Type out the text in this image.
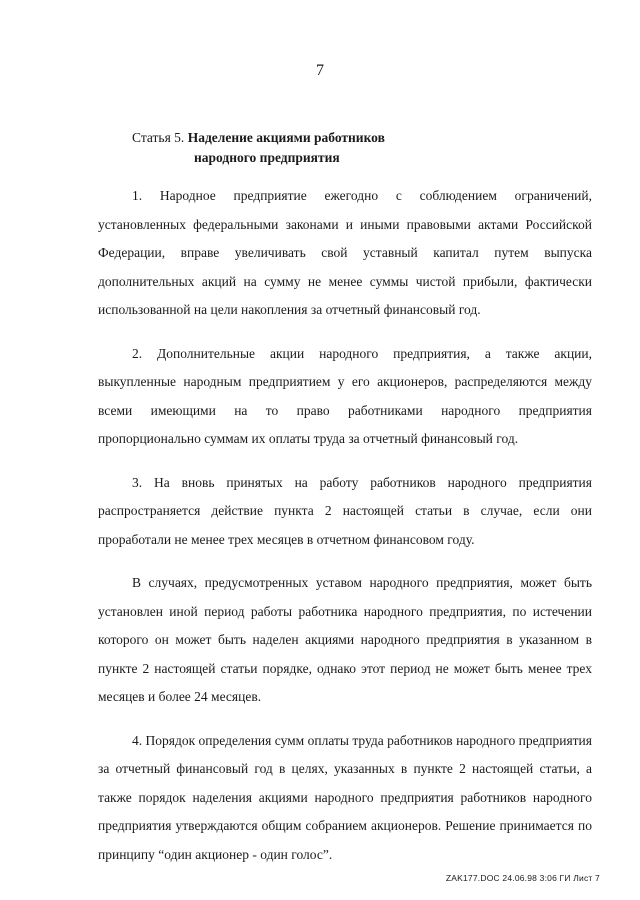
7
Статья 5. Наделение акциями работников
народного предприятия

1. Народное предприятие ежегодно с соблюдением ограничений, установленных федеральными законами и иными правовыми актами Российской Федерации, вправе увеличивать свой уставный капитал путем выпуска дополнительных акций на сумму не менее суммы чистой прибыли, фактически использованной на цели накопления за отчетный финансовый год.

2. Дополнительные акции народного предприятия, а также акции, выкупленные народным предприятием у его акционеров, распределяются между всеми имеющими на то право работниками народного предприятия пропорционально суммам их оплаты труда за отчетный финансовый год.

3. На вновь принятых на работу работников народного предприятия распространяется действие пункта 2 настоящей статьи в случае, если они проработали не менее трех месяцев в отчетном финансовом году.

В случаях, предусмотренных уставом народного предприятия, может быть установлен иной период работы работника народного предприятия, по истечении которого он может быть наделен акциями народного предприятия в указанном в пункте 2 настоящей статьи порядке, однако этот период не может быть менее трех месяцев и более 24 месяцев.

4. Порядок определения сумм оплаты труда работников народного предприятия за отчетный финансовый год в целях, указанных в пункте 2 настоящей статьи, а также порядок наделения акциями народного предприятия работников народного предприятия утверждаются общим собранием акционеров. Решение принимается по принципу “один акционер - один голос”.

ZAK177.DOC 24.06.98 3:06 ГИ Лист 7
